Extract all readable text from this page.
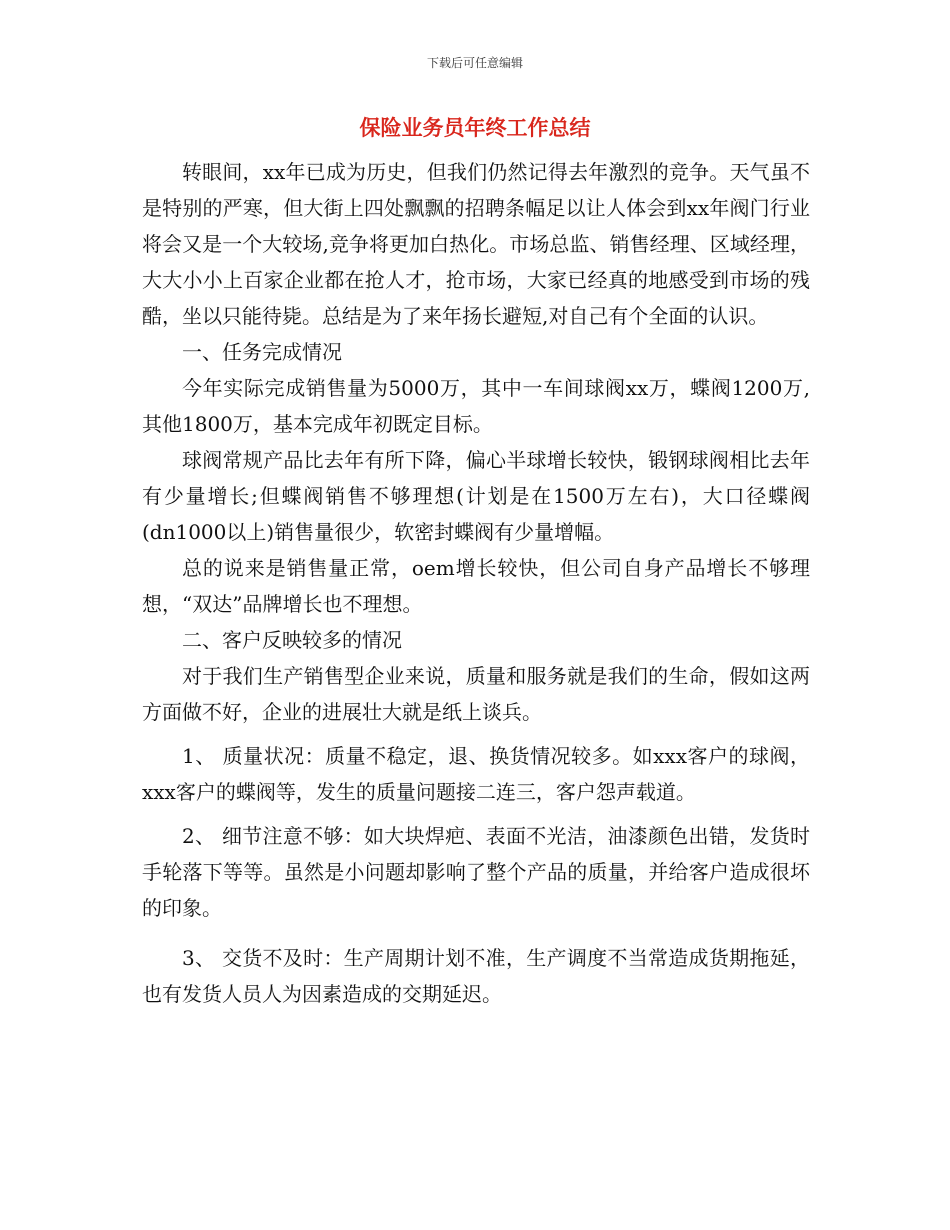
下载后可任意编辑
保险业务员年终工作总结

转眼间，xx年已成为历史，但我们仍然记得去年激烈的竞争。天气虽不是特别的严寒，但大街上四处飘飘的招聘条幅足以让人体会到xx年阀门行业将会又是一个大较场,竞争将更加白热化。市场总监、销售经理、区域经理，大大小小上百家企业都在抢人才，抢市场，大家已经真的地感受到市场的残酷，坐以只能待毙。总结是为了来年扬长避短,对自己有个全面的认识。

一、任务完成情况

今年实际完成销售量为5000万，其中一车间球阀xx万，蝶阀1200万,其他1800万，基本完成年初既定目标。

球阀常规产品比去年有所下降，偏心半球增长较快，锻钢球阀相比去年有少量增长;但蝶阀销售不够理想(计划是在1500万左右)，大口径蝶阀(dn1000以上)销售量很少，软密封蝶阀有少量增幅。

总的说来是销售量正常，oem增长较快，但公司自身产品增长不够理想，“双达”品牌增长也不理想。

二、客户反映较多的情况

对于我们生产销售型企业来说，质量和服务就是我们的生命，假如这两方面做不好，企业的进展壮大就是纸上谈兵。

1、 质量状况：质量不稳定，退、换货情况较多。如xxx客户的球阀，xxx客户的蝶阀等，发生的质量问题接二连三，客户怨声载道。

2、 细节注意不够：如大块焊疤、表面不光洁，油漆颜色出错，发货时手轮落下等等。虽然是小问题却影响了整个产品的质量，并给客户造成很坏的印象。

3、 交货不及时：生产周期计划不准，生产调度不当常造成货期拖延，也有发货人员人为因素造成的交期延迟。
